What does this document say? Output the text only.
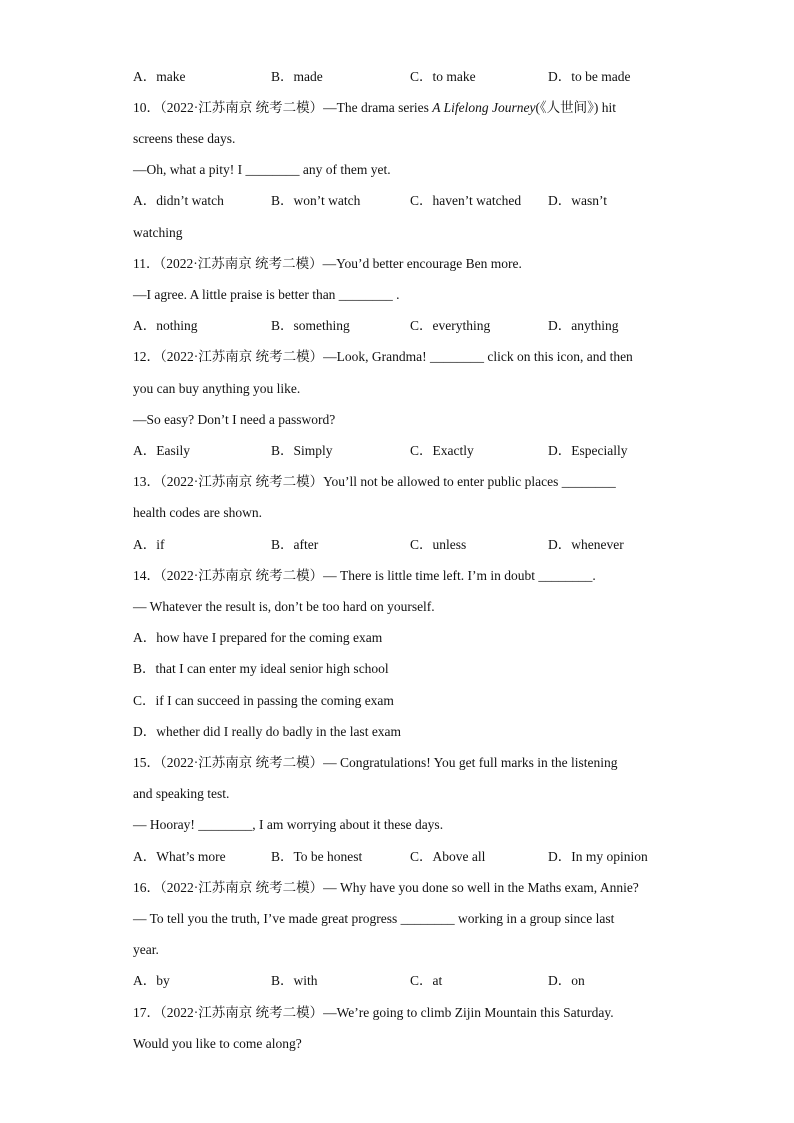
A．make	B．made	C．to make	D．to be made
10．（2022·江苏南京 统考二模）—The drama series A Lifelong Journey(《人世间》) hit
screens these days.
—Oh, what a pity! I ________ any of them yet.
A．didn’t watch	B．won’t watch	C．haven’t watched D．wasn’t
watching
11．（2022·江苏南京 统考二模）—You’d better encourage Ben more.
—I agree. A little praise is better than ________ .
A．nothing	B．something	C．everything	D．anything
12．（2022·江苏南京 统考二模）—Look, Grandma! ________ click on this icon, and then
you can buy anything you like.
—So easy? Don’t I need a password?
A．Easily	B．Simply	C．Exactly	D．Especially
13．（2022·江苏南京 统考二模）You’ll not be allowed to enter public places ________
health codes are shown.
A．if	B．after	C．unless	D．whenever
14．（2022·江苏南京 统考二模）— There is little time left. I’m in doubt ________.
— Whatever the result is, don’t be too hard on yourself.
A．how have I prepared for the coming exam
B．that I can enter my ideal senior high school
C．if I can succeed in passing the coming exam
D．whether did I really do badly in the last exam
15．（2022·江苏南京 统考二模）— Congratulations! You get full marks in the listening
and speaking test.
— Hooray! ________, I am worrying about it these days.
A．What’s more	B．To be honest	C．Above all	D．In my opinion
16．（2022·江苏南京 统考二模）— Why have you done so well in the Maths exam, Annie?
— To tell you the truth, I’ve made great progress ________ working in a group since last
year.
A．by	B．with	C．at	D．on
17．（2022·江苏南京 统考二模）—We’re going to climb Zijin Mountain this Saturday.
Would you like to come along?
